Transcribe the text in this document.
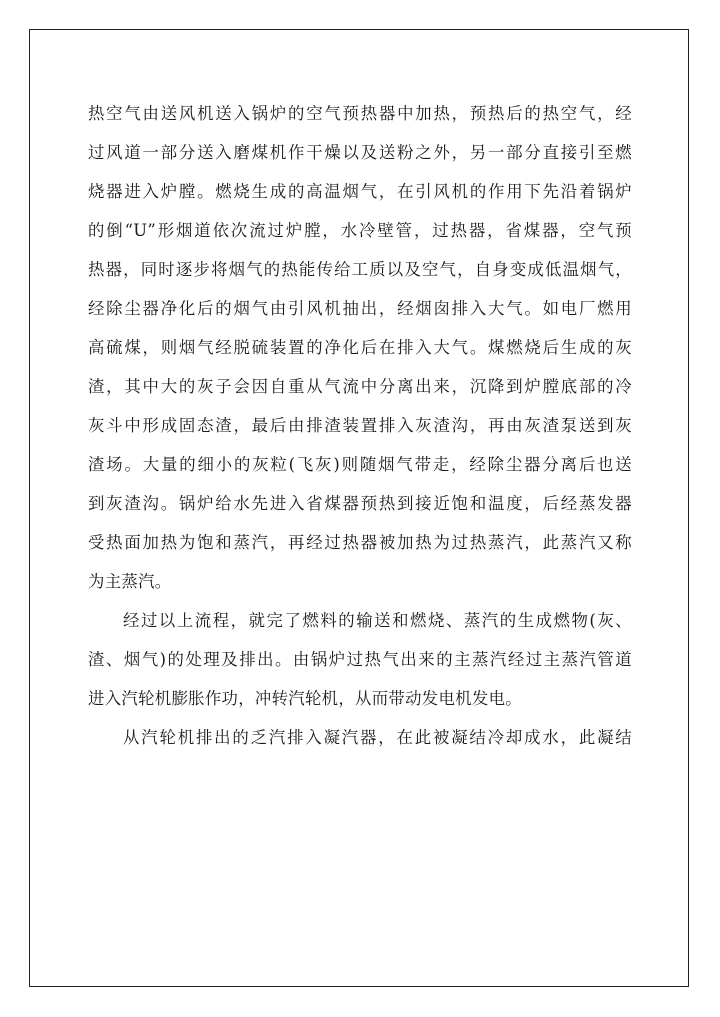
热空气由送风机送入锅炉的空气预热器中加热，预热后的热空气，经
过风道一部分送入磨煤机作干燥以及送粉之外，另一部分直接引至燃
烧器进入炉膛。燃烧生成的高温烟气，在引风机的作用下先沿着锅炉
的倒“U”形烟道依次流过炉膛，水冷壁管，过热器，省煤器，空气预
热器，同时逐步将烟气的热能传给工质以及空气，自身变成低温烟气，
经除尘器净化后的烟气由引风机抽出，经烟囱排入大气。如电厂燃用
高硫煤，则烟气经脱硫装置的净化后在排入大气。煤燃烧后生成的灰
渣，其中大的灰子会因自重从气流中分离出来，沉降到炉膛底部的冷
灰斗中形成固态渣，最后由排渣装置排入灰渣沟，再由灰渣泵送到灰
渣场。大量的细小的灰粒(飞灰)则随烟气带走，经除尘器分离后也送
到灰渣沟。锅炉给水先进入省煤器预热到接近饱和温度，后经蒸发器
受热面加热为饱和蒸汽，再经过热器被加热为过热蒸汽，此蒸汽又称
为主蒸汽。
经过以上流程，就完了燃料的输送和燃烧、蒸汽的生成燃物(灰、
渣、烟气)的处理及排出。由锅炉过热气出来的主蒸汽经过主蒸汽管道
进入汽轮机膨胀作功，冲转汽轮机，从而带动发电机发电。
从汽轮机排出的乏汽排入凝汽器，在此被凝结冷却成水，此凝结
